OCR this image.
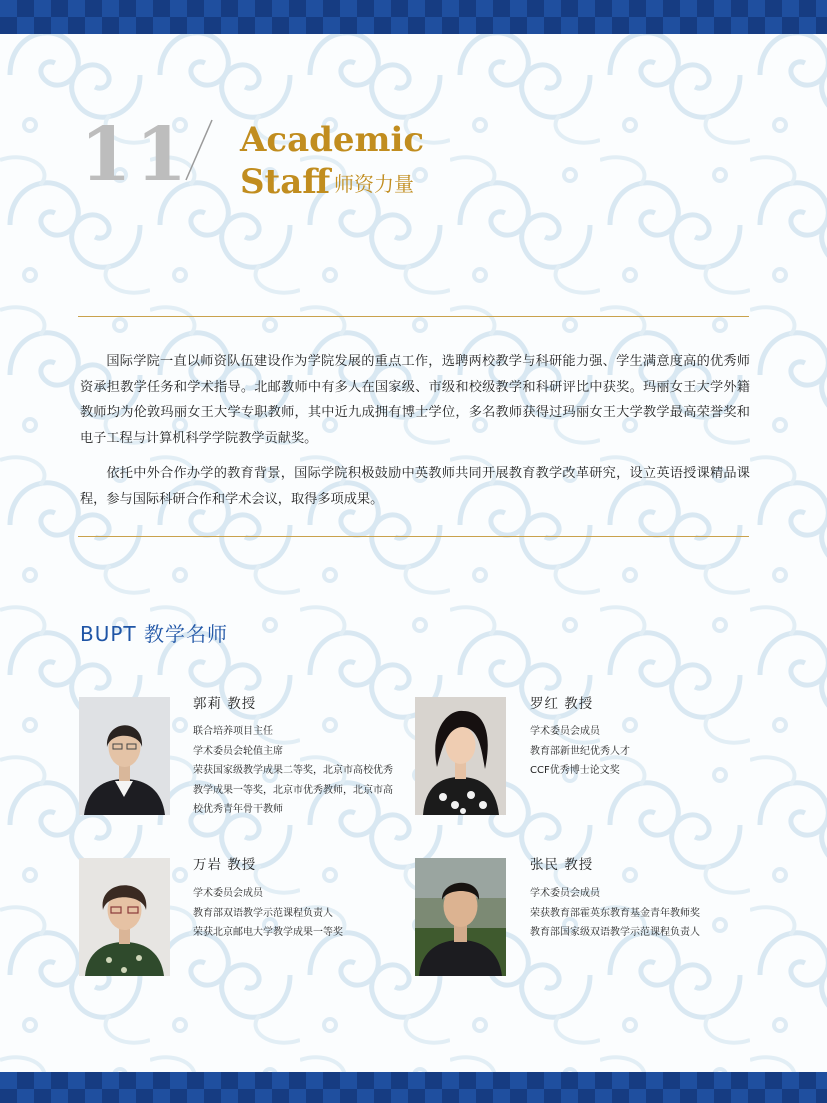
11 Academic
Staff 师资力量

国际学院一直以师资队伍建设作为学院发展的重点工作，选聘两校教学与科研能力强、学生满意度高的优秀师资承担教学任务和学术指导。北邮教师中有多人在国家级、市级和校级教学和科研评比中获奖。玛丽女王大学外籍教师均为伦敦玛丽女王大学专职教师，其中近九成拥有博士学位，多名教师获得过玛丽女王大学教学最高荣誉奖和电子工程与计算机科学学院教学贡献奖。

依托中外合作办学的教育背景，国际学院积极鼓励中英教师共同开展教育教学改革研究，设立英语授课精品课程，参与国际科研合作和学术会议，取得多项成果。

BUPT 教学名师
郭莉 教授
联合培养项目主任
学术委员会轮值主席
荣获国家级教学成果二等奖，北京市高校优秀教学成果一等奖，北京市优秀教师，北京市高校优秀青年骨干教师
罗红 教授
学术委员会成员
教育部新世纪优秀人才
CCF优秀博士论文奖
万岩 教授
学术委员会成员
教育部双语教学示范课程负责人
荣获北京邮电大学教学成果一等奖
张民 教授
学术委员会成员
荣获教育部霍英东教育基金青年教师奖
教育部国家级双语教学示范课程负责人
